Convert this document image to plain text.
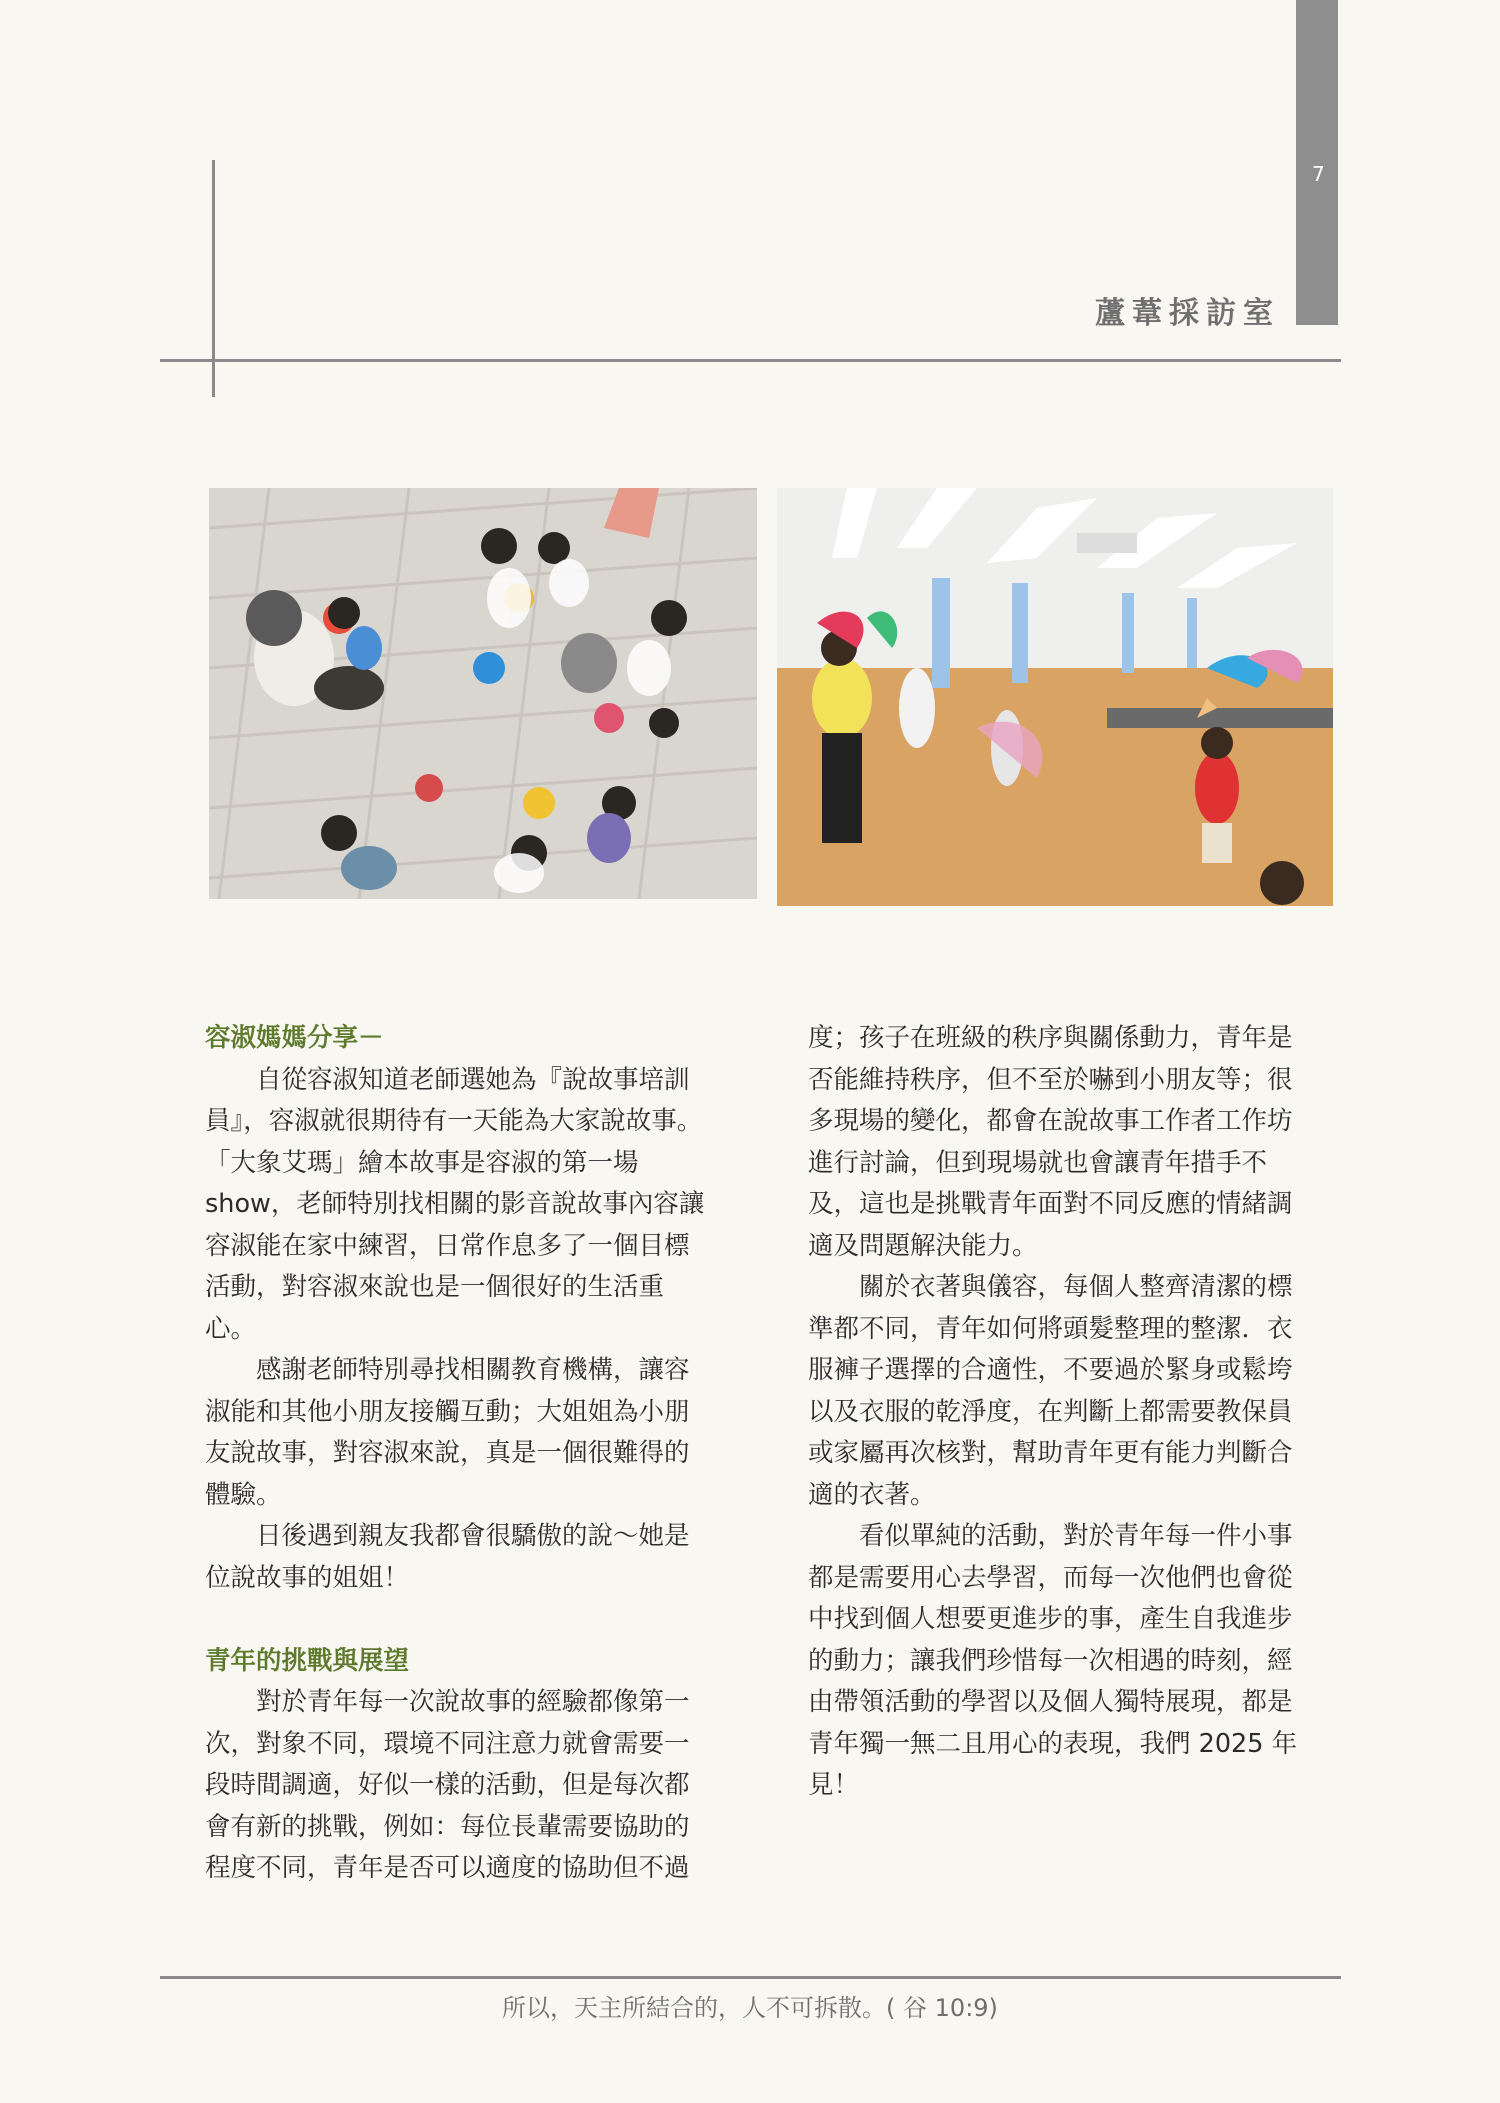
7
蘆葦採訪室

容淑媽媽分享－

自從容淑知道老師選她為『說故事培訓員』，容淑就很期待有一天能為大家說故事。「大象艾瑪」繪本故事是容淑的第一場show，老師特別找相關的影音說故事內容讓容淑能在家中練習，日常作息多了一個目標活動，對容淑來說也是一個很好的生活重心。

感謝老師特別尋找相關教育機構，讓容淑能和其他小朋友接觸互動；大姐姐為小朋友說故事，對容淑來說，真是一個很難得的體驗。

日後遇到親友我都會很驕傲的說～她是位說故事的姐姐！

青年的挑戰與展望

對於青年每一次說故事的經驗都像第一次，對象不同，環境不同注意力就會需要一段時間調適，好似一樣的活動，但是每次都會有新的挑戰，例如：每位長輩需要協助的程度不同，青年是否可以適度的協助但不過

度；孩子在班級的秩序與關係動力，青年是否能維持秩序，但不至於嚇到小朋友等；很多現場的變化，都會在說故事工作者工作坊進行討論，但到現場就也會讓青年措手不及，這也是挑戰青年面對不同反應的情緒調適及問題解決能力。

關於衣著與儀容，每個人整齊清潔的標準都不同，青年如何將頭髮整理的整潔．衣服褲子選擇的合適性，不要過於緊身或鬆垮以及衣服的乾淨度，在判斷上都需要教保員或家屬再次核對，幫助青年更有能力判斷合適的衣著。

看似單純的活動，對於青年每一件小事都是需要用心去學習，而每一次他們也會從中找到個人想要更進步的事，產生自我進步的動力；讓我們珍惜每一次相遇的時刻，經由帶領活動的學習以及個人獨特展現，都是青年獨一無二且用心的表現，我們 2025 年見！

所以，天主所結合的，人不可拆散。( 谷 10:9)
